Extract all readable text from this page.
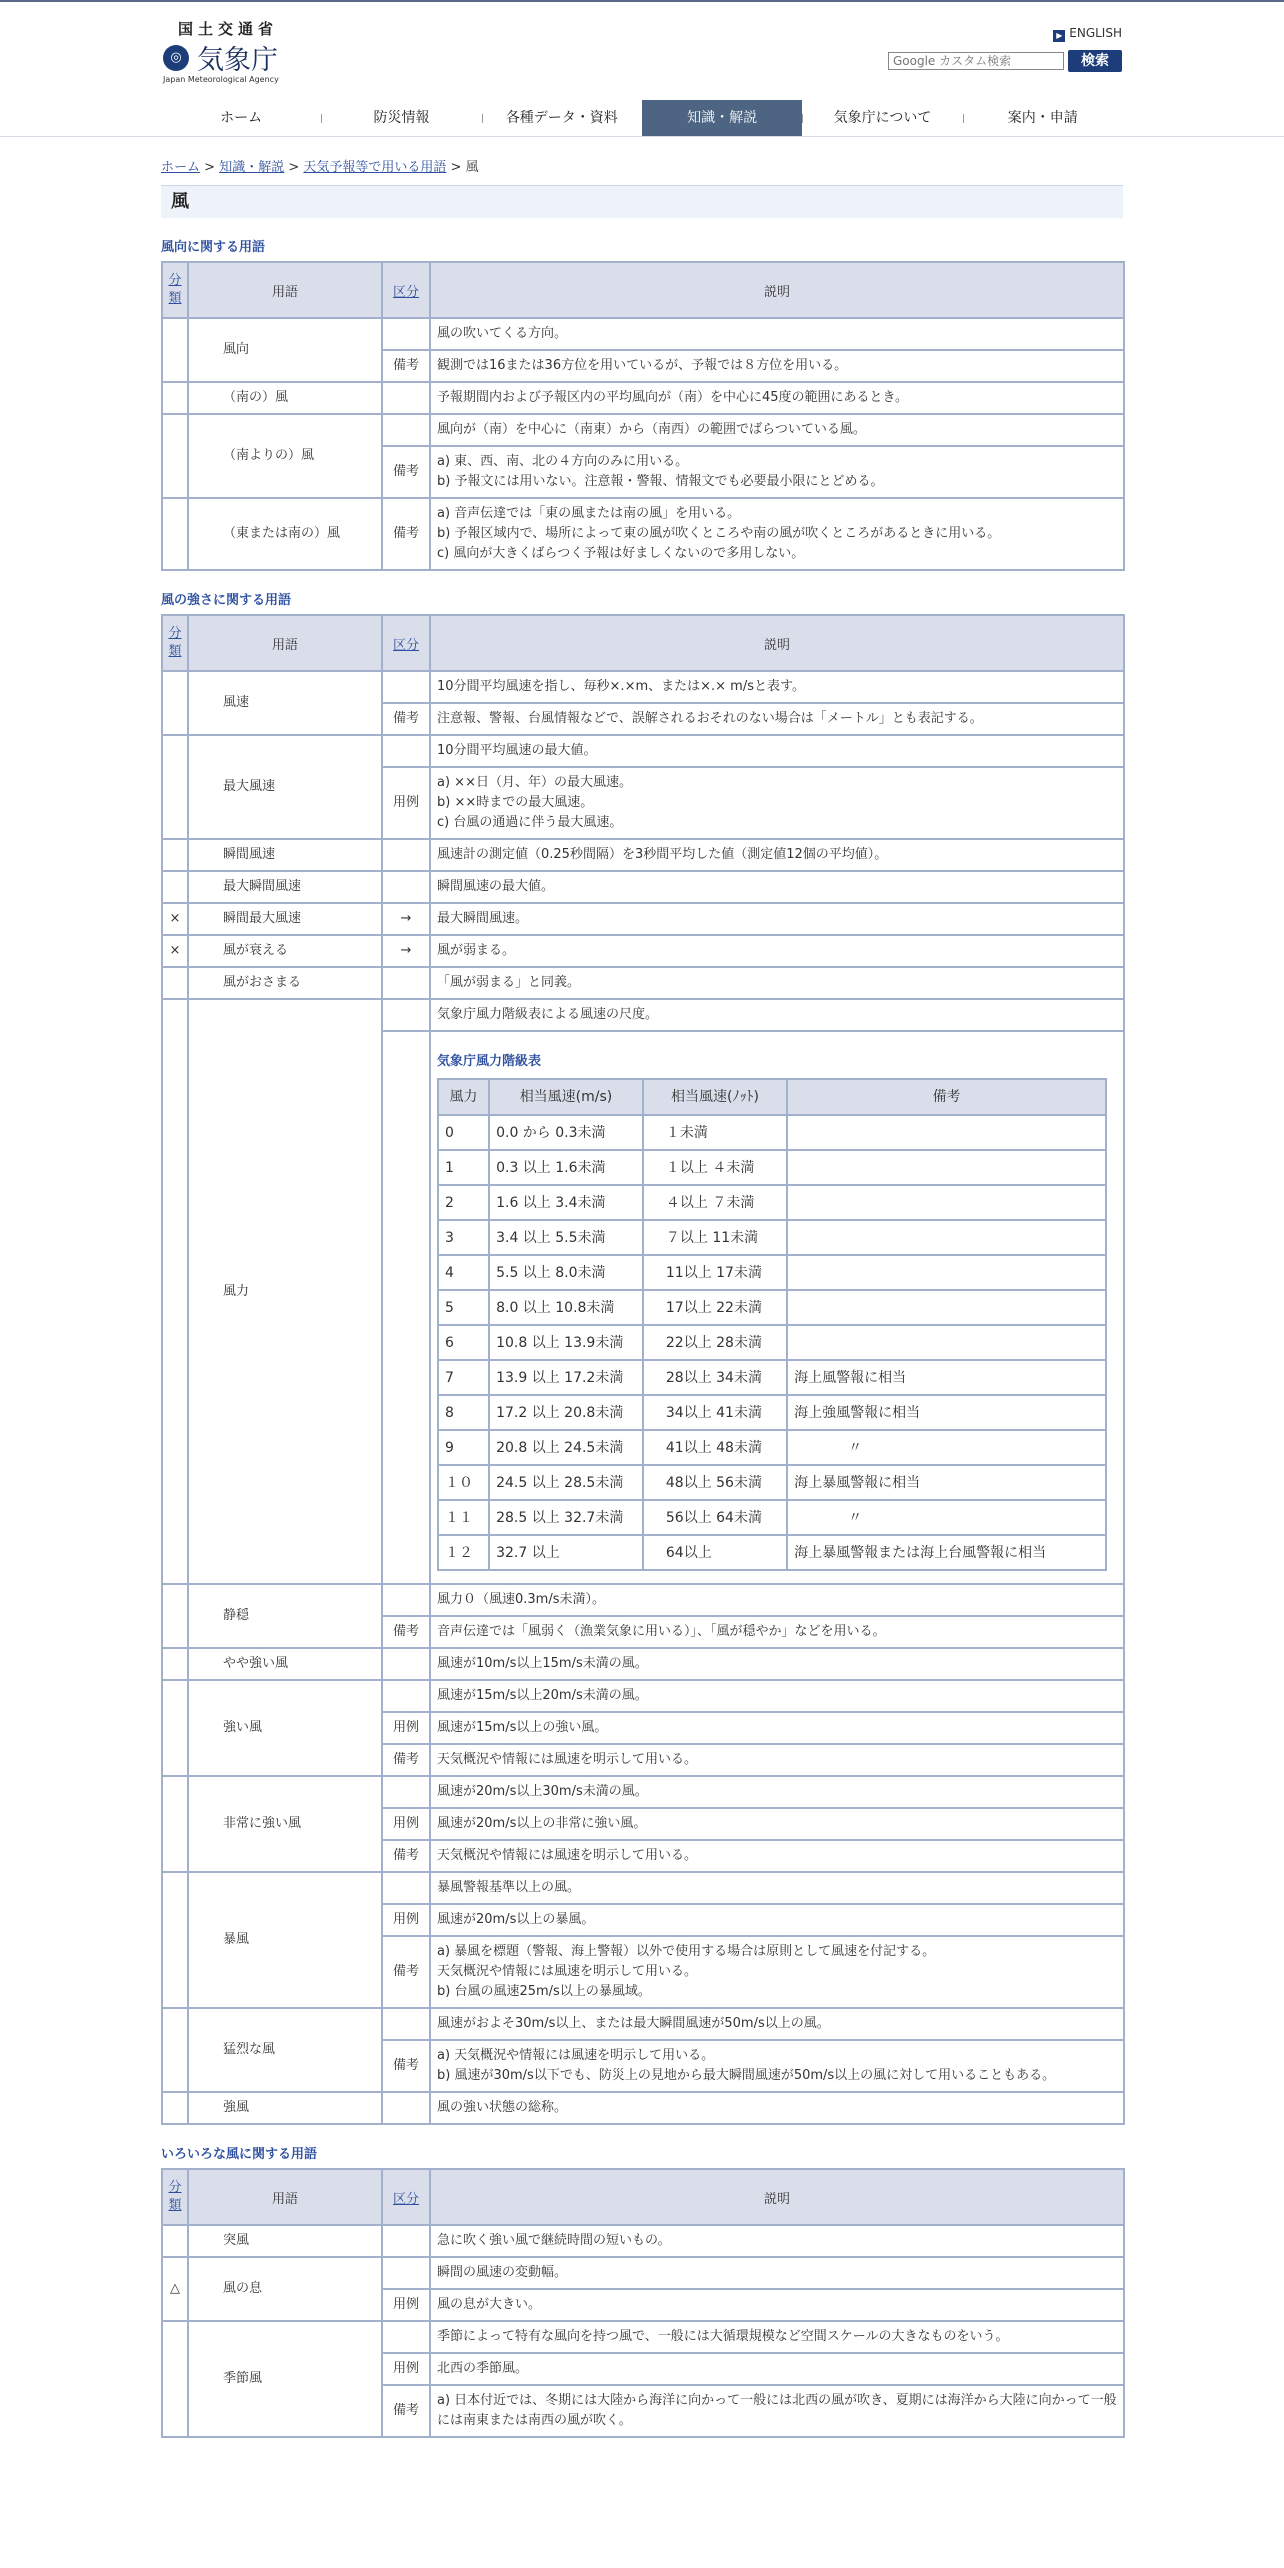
国土交通省
◎ 気象庁
Japan Meteorological Agency
▶ ENGLISH
Google カスタム検索
検索
ホーム	防災情報	各種データ・資料	知識・解説	気象庁について	案内・申請
ホーム > 知識・解説 > 天気予報等で用いる用語 > 風
風
風向に関する用語
分類	用語	区分	説明
	風向		風の吹いてくる方向。
		備考	観測では16または36方位を用いているが、予報では８方位を用いる。
	（南の）風		予報期間内および予報区内の平均風向が（南）を中心に45度の範囲にあるとき。
	（南よりの）風		風向が（南）を中心に（南東）から（南西）の範囲でばらついている風。
		備考	a) 東、西、南、北の４方向のみに用いる。
b) 予報文には用いない。注意報・警報、情報文でも必要最小限にとどめる。
	（東または南の）風	備考	a) 音声伝達では「東の風または南の風」を用いる。
b) 予報区域内で、場所によって東の風が吹くところや南の風が吹くところがあるときに用いる。
c) 風向が大きくばらつく予報は好ましくないので多用しない。
風の強さに関する用語
分類	用語	区分	説明
	風速		10分間平均風速を指し、毎秒×.×m、または×.× m/sと表す。
備考	注意報、警報、台風情報などで、誤解されるおそれのない場合は「メートル」とも表記する。
	最大風速		10分間平均風速の最大値。
用例	a) ××日（月、年）の最大風速。
b) ××時までの最大風速。
c) 台風の通過に伴う最大風速。
	瞬間風速		風速計の測定値（0.25秒間隔）を3秒間平均した値（測定値12個の平均値）。
	最大瞬間風速		瞬間風速の最大値。
×	瞬間最大風速	→	最大瞬間風速。
×	風が衰える	→	風が弱まる。
	風がおさまる		「風が弱まる」と同義。
	風力		気象庁風力階級表による風速の尺度。

気象庁風力階級表
風力	相当風速(m/s)	相当風速(ﾉｯﾄ)	備考
0	0.0 から 0.3未満	１未満	
1	0.3 以上 1.6未満	１以上 ４未満	
2	1.6 以上 3.4未満	４以上 ７未満	
3	3.4 以上 5.5未満	７以上 11未満	
4	5.5 以上 8.0未満	11以上 17未満	
5	8.0 以上 10.8未満	17以上 22未満	
6	10.8 以上 13.9未満	22以上 28未満	
7	13.9 以上 17.2未満	28以上 34未満	海上風警報に相当
8	17.2 以上 20.8未満	34以上 41未満	海上強風警報に相当
9	20.8 以上 24.5未満	41以上 48未満	〃
１０	24.5 以上 28.5未満	48以上 56未満	海上暴風警報に相当
１１	28.5 以上 32.7未満	56以上 64未満	〃
１２	32.7 以上	64以上	海上暴風警報または海上台風警報に相当

	静穏		風力０（風速0.3m/s未満）。
備考	音声伝達では「風弱く（漁業気象に用いる）」、「風が穏やか」などを用いる。
	やや強い風		風速が10m/s以上15m/s未満の風。
	強い風		風速が15m/s以上20m/s未満の風。
用例	風速が15m/s以上の強い風。
備考	天気概況や情報には風速を明示して用いる。
	非常に強い風		風速が20m/s以上30m/s未満の風。
用例	風速が20m/s以上の非常に強い風。
備考	天気概況や情報には風速を明示して用いる。
	暴風		暴風警報基準以上の風。
用例	風速が20m/s以上の暴風。
備考	a) 暴風を標題（警報、海上警報）以外で使用する場合は原則として風速を付記する。
天気概況や情報には風速を明示して用いる。
b) 台風の風速25m/s以上の暴風域。
	猛烈な風		風速がおよそ30m/s以上、または最大瞬間風速が50m/s以上の風。
備考	a) 天気概況や情報には風速を明示して用いる。
b) 風速が30m/s以下でも、防災上の見地から最大瞬間風速が50m/s以上の風に対して用いることもある。
	強風		風の強い状態の総称。
いろいろな風に関する用語
分類	用語	区分	説明
	突風		急に吹く強い風で継続時間の短いもの。
△	風の息		瞬間の風速の変動幅。
		用例	風の息が大きい。
	季節風		季節によって特有な風向を持つ風で、一般には大循環規模など空間スケールの大きなものをいう。
		用例	北西の季節風。
		備考	a) 日本付近では、冬期には大陸から海洋に向かって一般には北西の風が吹き、夏期には海洋から大陸に向かって一般には南東または南西の風が吹く。
